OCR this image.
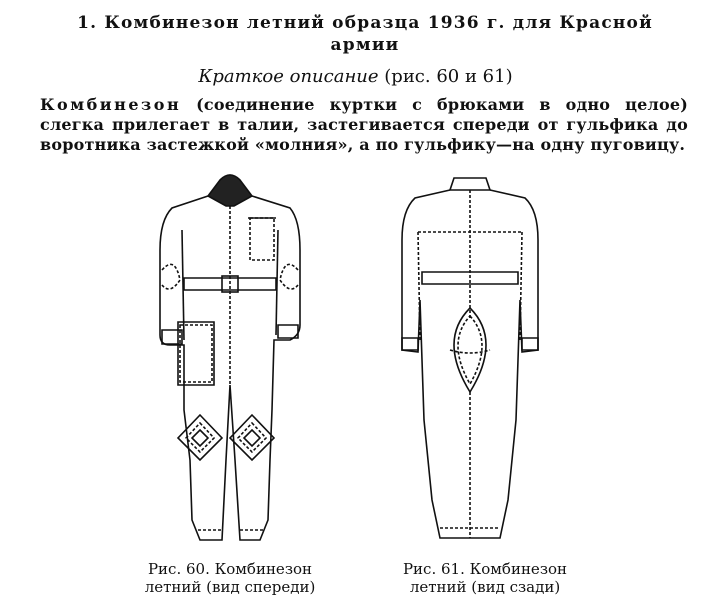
1. Комбинезон летний образца 1936 г. для Красной армии
Краткое описание (рис. 60 и 61)
Комбинезон (соединение куртки с брюками в одно целое) слегка прилегает в талии, застегивается спереди от гульфика до воротника застежкой «молния», а по гульфику—на одну пуговицу.
Рис. 60. Комбинезон
летний (вид спереди)
Рис. 61. Комбинезон
летний (вид сзади)
